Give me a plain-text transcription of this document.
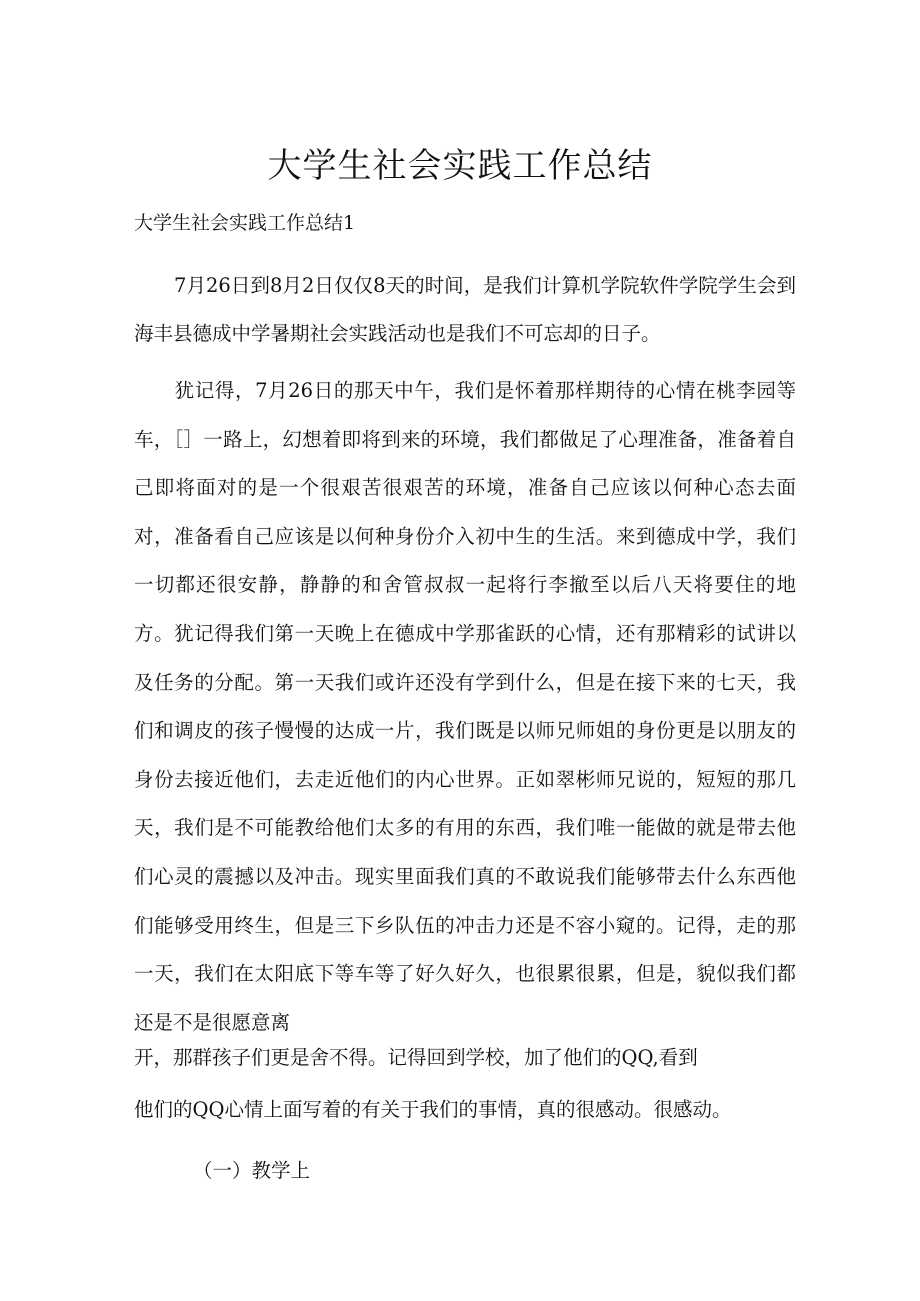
大学生社会实践工作总结
大学生社会实践工作总结1
7月26日到8月2日仅仅8天的时间，是我们计算机学院软件学院学生会到海丰县德成中学暑期社会实践活动也是我们不可忘却的日子。
犹记得，7月26日的那天中午，我们是怀着那样期待的心情在桃李园等车，［］一路上，幻想着即将到来的环境，我们都做足了心理准备，准备着自己即将面对的是一个很艰苦很艰苦的环境，准备自己应该以何种心态去面对，准备看自己应该是以何种身份介入初中生的生活。来到德成中学，我们一切都还很安静，静静的和舍管叔叔一起将行李撤至以后八天将要住的地方。犹记得我们第一天晚上在德成中学那雀跃的心情，还有那精彩的试讲以及任务的分配。第一天我们或许还没有学到什么，但是在接下来的七天，我们和调皮的孩子慢慢的达成一片，我们既是以师兄师姐的身份更是以朋友的身份去接近他们，去走近他们的内心世界。正如翠彬师兄说的，短短的那几天，我们是不可能教给他们太多的有用的东西，我们唯一能做的就是带去他们心灵的震撼以及冲击。现实里面我们真的不敢说我们能够带去什么东西他们能够受用终生，但是三下乡队伍的冲击力还是不容小窥的。记得，走的那一天，我们在太阳底下等车等了好久好久，也很累很累，但是，貌似我们都还是不是很愿意离
开，那群孩子们更是舍不得。记得回到学校，加了他们的QQ,看到
他们的QQ心情上面写着的有关于我们的事情，真的很感动。很感动。
（一）教学上
